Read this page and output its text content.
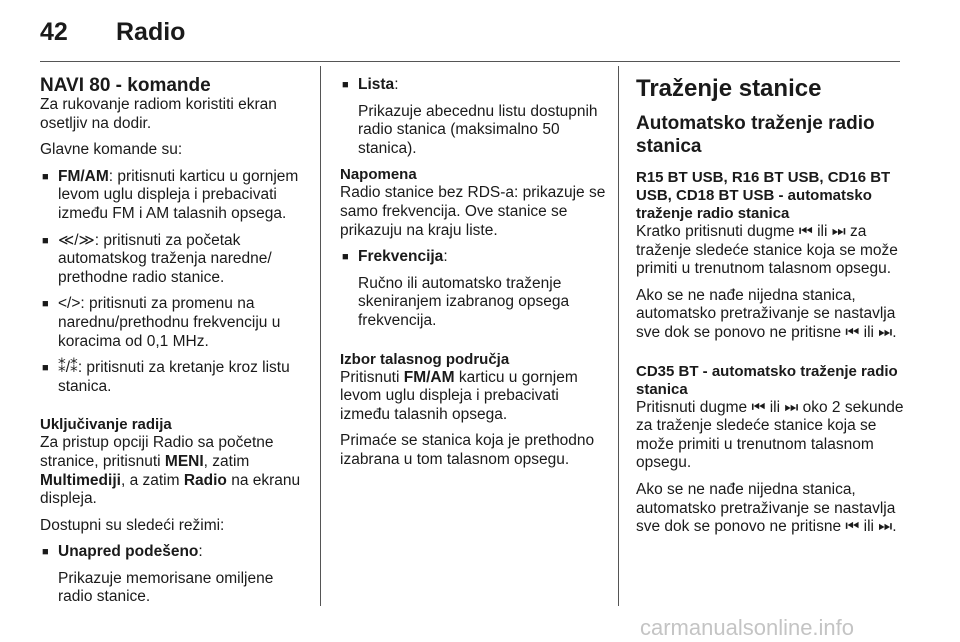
42 Radio
NAVI 80 - komande

Za rukovanje radiom koristiti ekran osetljiv na dodir.

Glavne komande su:

■ FM/AM: pritisnuti karticu u gornjem levom uglu displeja i prebacivati između FM i AM talasnih opsega.
■ ≪/≫: pritisnuti za početak automatskog traženja naredne/ prethodne radio stanice.
■ </>: pritisnuti za promenu na narednu/prethodnu frekvenciju u koracima od 0,1 MHz.
■ ⁑/⁑: pritisnuti za kretanje kroz listu stanica.
Uključivanje radija

Za pristup opciji Radio sa početne stranice, pritisnuti MENI, zatim Multimediji, a zatim Radio na ekranu displeja.

Dostupni su sledeći režimi:

■ Unapred podešeno:

Prikazuje memorisane omiljene radio stanice.

■ Lista:

Prikazuje abecednu listu dostupnih radio stanica (maksimalno 50 stanica).

Napomena

Radio stanice bez RDS-a: prikazuje se samo frekvencija. Ove stanice se prikazuju na kraju liste.

■ Frekvencija:

Ručno ili automatsko traženje skeniranjem izabranog opsega frekvencija.

Izbor talasnog područja

Pritisnuti FM/AM karticu u gornjem levom uglu displeja i prebacivati između talasnih opsega.

Primaće se stanica koja je prethodno izabrana u tom talasnom opsegu.

Traženje stanice
Automatsko traženje radio stanica
R15 BT USB, R16 BT USB, CD16 BT USB, CD18 BT USB - automatsko traženje radio stanica

Kratko pritisnuti dugme ⏮ ili ⏭ za traženje sledeće stanice koja se može primiti u trenutnom talasnom opsegu.

Ako se ne nađe nijedna stanica, automatsko pretraživanje se nastavlja sve dok se ponovo ne pritisne ⏮ ili ⏭.

CD35 BT - automatsko traženje radio stanica

Pritisnuti dugme ⏮ ili ⏭ oko 2 sekunde za traženje sledeće stanice koja se može primiti u trenutnom talasnom opsegu.

Ako se ne nađe nijedna stanica, automatsko pretraživanje se nastavlja sve dok se ponovo ne pritisne ⏮ ili ⏭.

carmanualsonline.info
